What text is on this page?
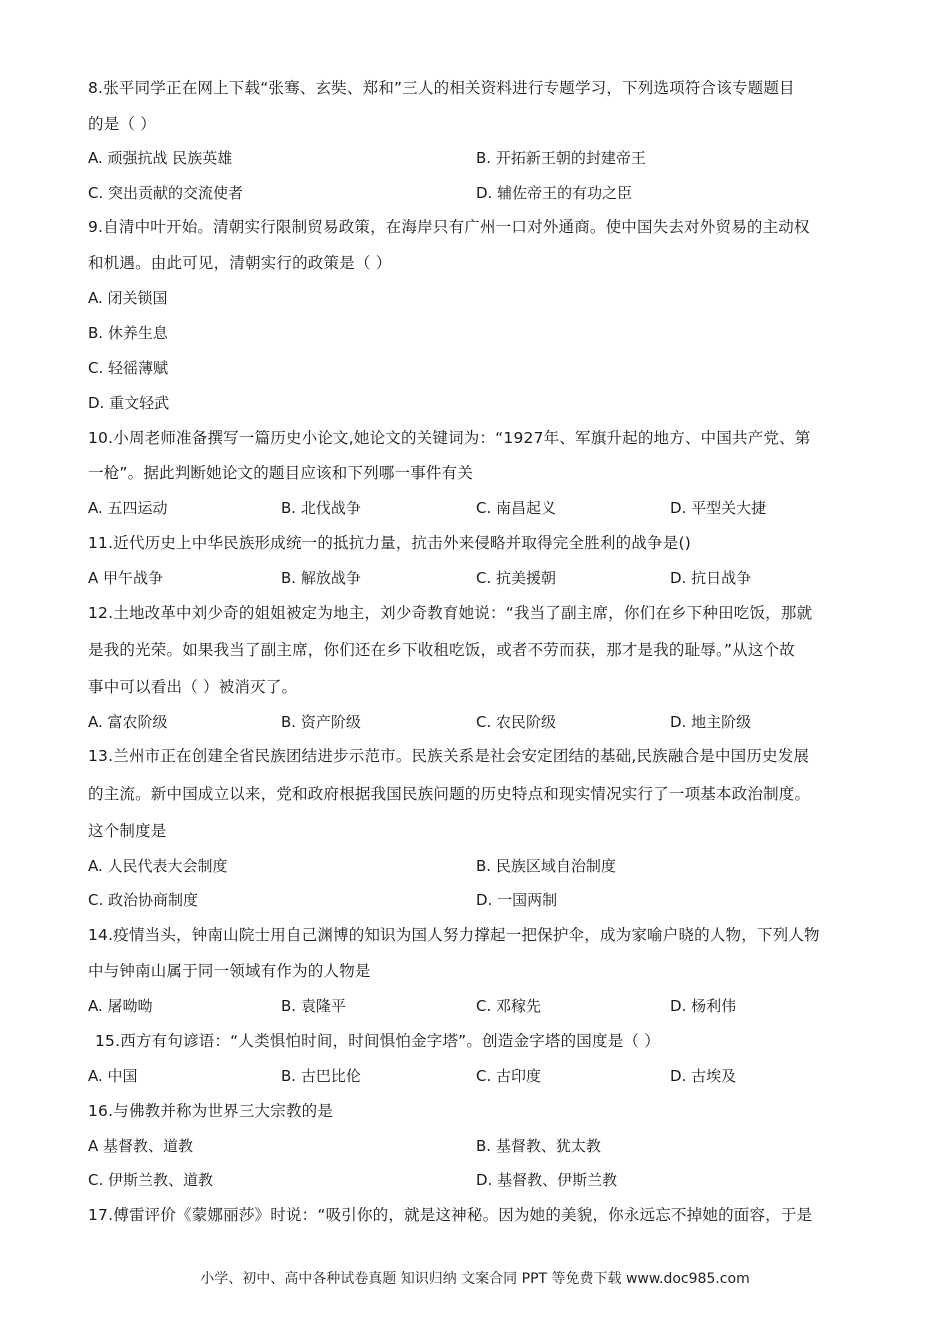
8.张平同学正在网上下载“张骞、玄奘、郑和”三人的相关资料进行专题学习，下列选项符合该专题题目
的是（ ）
A. 顽强抗战 民族英雄	B. 开拓新王朝的封建帝王
C. 突出贡献的交流使者	D. 辅佐帝王的有功之臣
9.自清中叶开始。清朝实行限制贸易政策，在海岸只有广州一口对外通商。使中国失去对外贸易的主动权
和机遇。由此可见，清朝实行的政策是（ ）
A. 闭关锁国
B. 休养生息
C. 轻徭薄赋
D. 重文轻武
10.小周老师准备撰写一篇历史小论文,她论文的关键词为：“1927年、军旗升起的地方、中国共产党、第
一枪”。据此判断她论文的题目应该和下列哪一事件有关
A. 五四运动	B. 北伐战争	C. 南昌起义	D. 平型关大捷
11.近代历史上中华民族形成统一的抵抗力量，抗击外来侵略并取得完全胜利的战争是()
A 甲午战争	B. 解放战争	C. 抗美援朝	D. 抗日战争
12.土地改革中刘少奇的姐姐被定为地主，刘少奇教育她说：“我当了副主席，你们在乡下种田吃饭，那就
是我的光荣。如果我当了副主席，你们还在乡下收租吃饭，或者不劳而获，那才是我的耻辱。”从这个故
事中可以看出（ ）被消灭了。
A. 富农阶级	B. 资产阶级	C. 农民阶级	D. 地主阶级
13.兰州市正在创建全省民族团结进步示范市。民族关系是社会安定团结的基础,民族融合是中国历史发展
的主流。新中国成立以来，党和政府根据我国民族问题的历史特点和现实情况实行了一项基本政治制度。
这个制度是
A. 人民代表大会制度	B. 民族区域自治制度
C. 政治协商制度	D. 一国两制
14.疫情当头，钟南山院士用自己渊博的知识为国人努力撑起一把保护伞，成为家喻户晓的人物，下列人物
中与钟南山属于同一领域有作为的人物是
A. 屠呦呦	B. 袁隆平	C. 邓稼先	D. 杨利伟
15.西方有句谚语：“人类惧怕时间，时间惧怕金字塔”。创造金字塔的国度是（ ）
A. 中国	B. 古巴比伦	C. 古印度	D. 古埃及
16.与佛教并称为世界三大宗教的是
A 基督教、道教	B. 基督教、犹太教
C. 伊斯兰教、道教	D. 基督教、伊斯兰教
17.傅雷评价《蒙娜丽莎》时说：“吸引你的，就是这神秘。因为她的美貌，你永远忘不掉她的面容，于是
小学、初中、高中各种试卷真题 知识归纳 文案合同 PPT 等免费下载 www.doc985.com
